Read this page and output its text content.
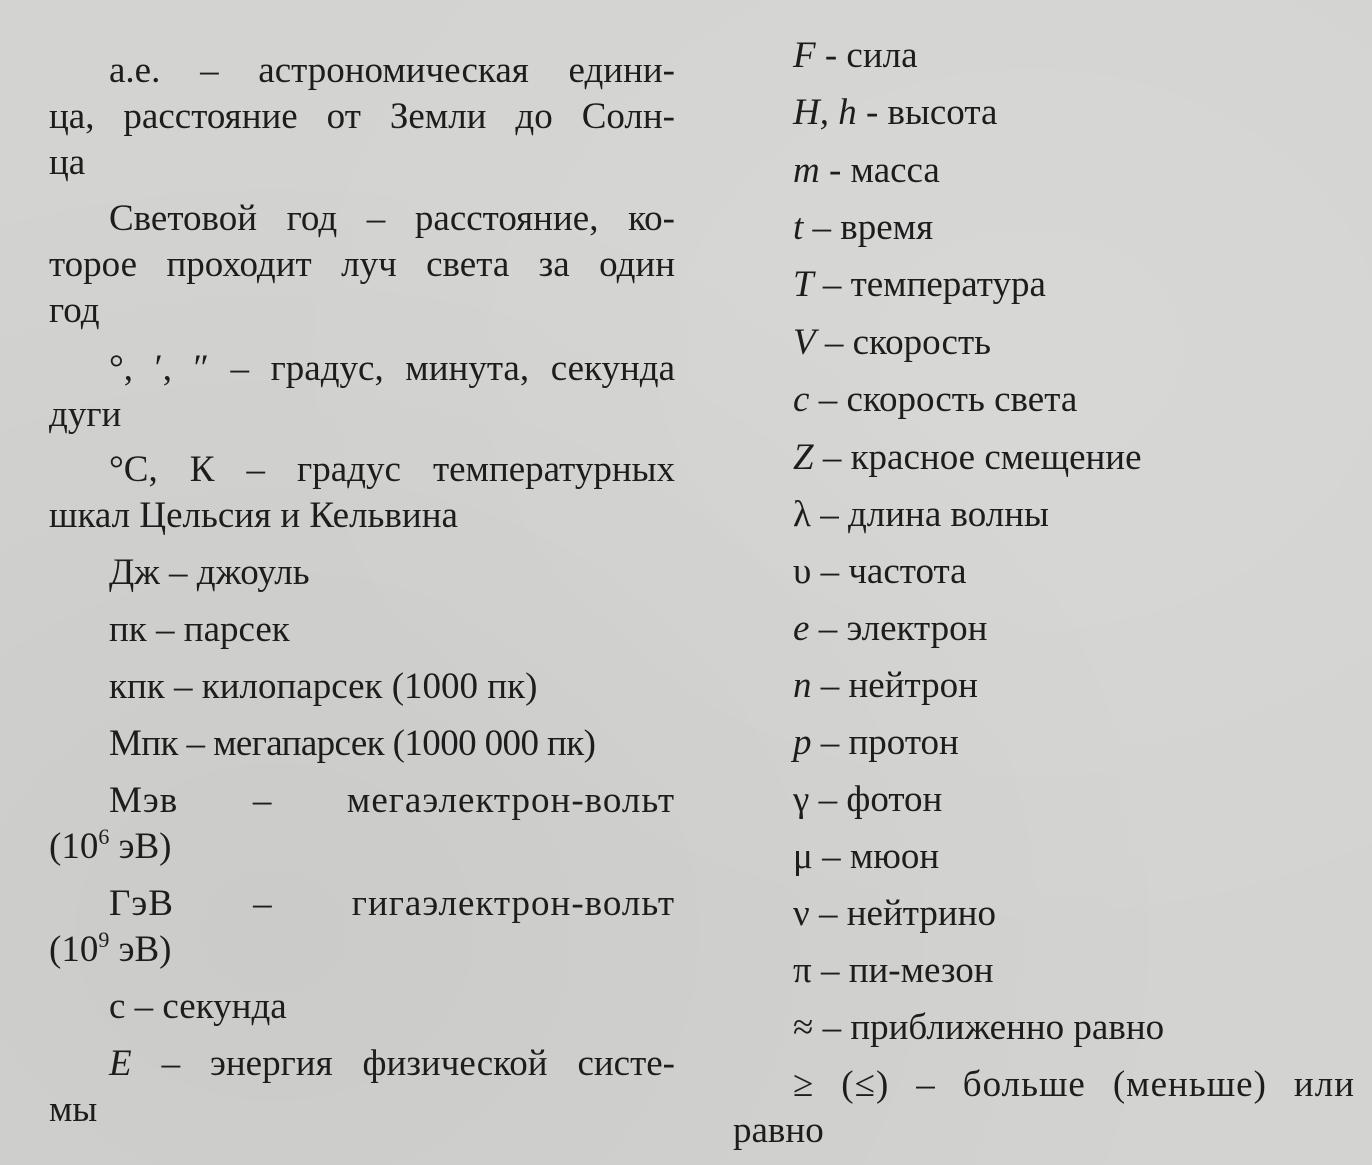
а.е. – астрономическая едини-
ца, расстояние от Земли до Солн-
ца
Световой год – расстояние, ко-
торое проходит луч света за один
год
°, ′, ″ – градус, минута, секунда
дуги
°С, К – градус температурных
шкал Цельсия и Кельвина
Дж – джоуль
пк – парсек
кпк – килопарсек (1000 пк)
Мпк – мегапарсек (1000 000 пк)
Мэв – мегаэлектрон-вольт
($10^6$ эВ)
ГэВ – гигаэлектрон-вольт
($10^9$ эВ)
с – секунда
Е – энергия физической систе-
мы
F - сила
H, h - высота
m - масса
t – время
T – температура
V – скорость
c – скорость света
Z – красное смещение
λ – длина волны
υ – частота
e – электрон
n – нейтрон
p – протон
γ – фотон
μ – мюон
ν – нейтрино
π – пи-мезон
≈ – приближенно равно
≥ (≤) – больше (меньше) или
равно
